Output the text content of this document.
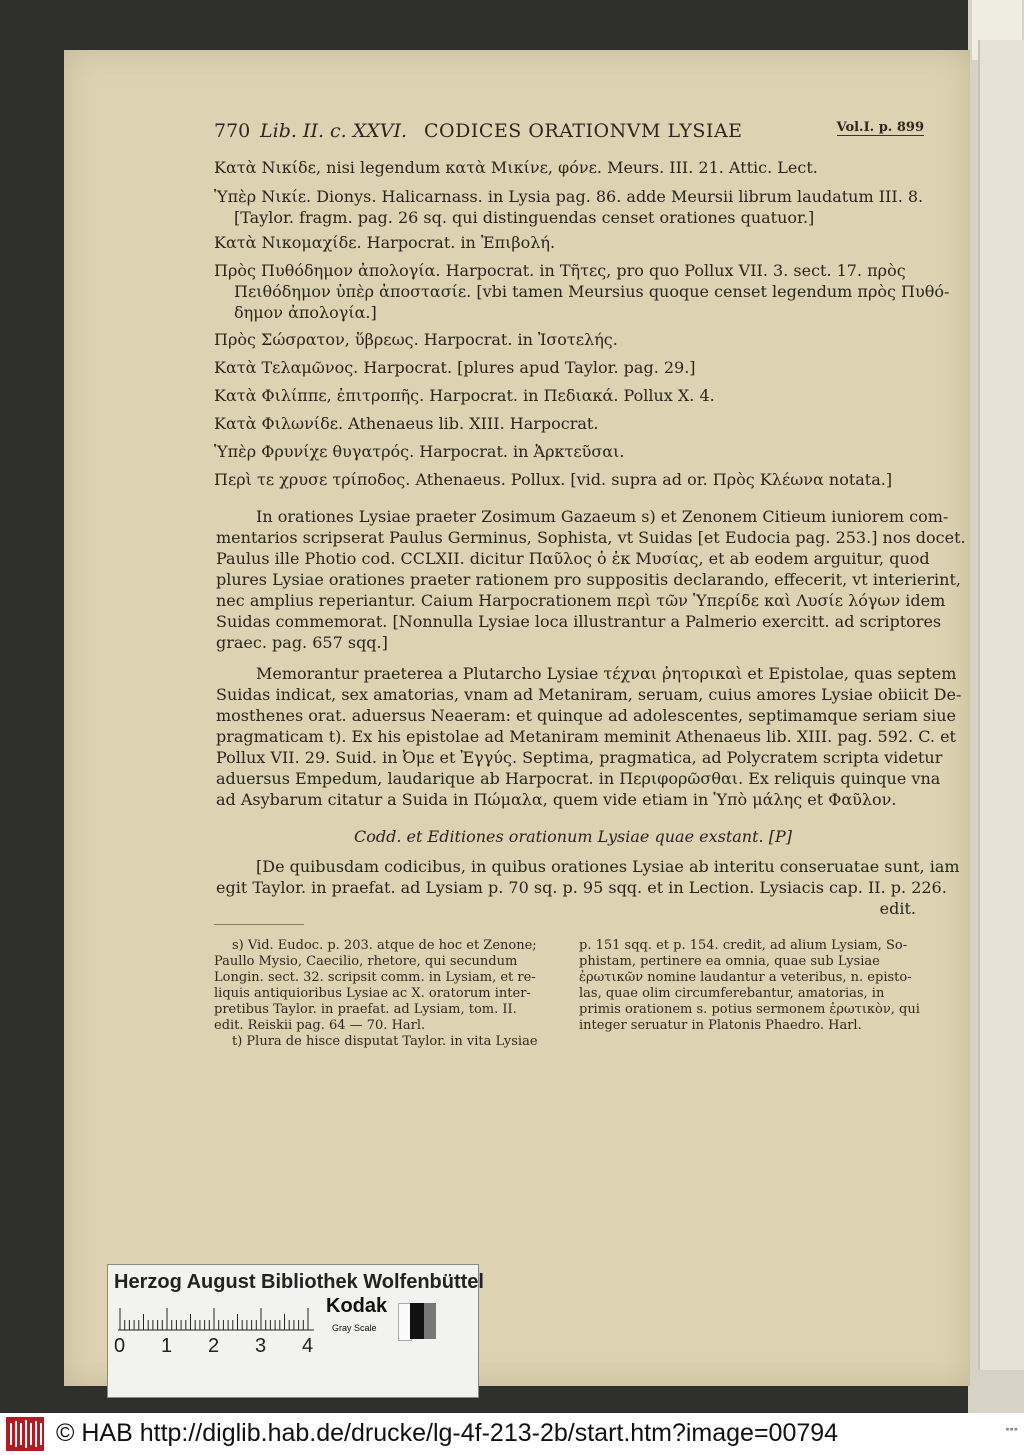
770 Lib. II. c. XXVI. CODICES ORATIONVM LYSIAE	Vol.I. p. 899
Κατὰ Νικίδε, nisi legendum κατὰ Μικίνε, φόνε. Meurs. III. 21. Attic. Lect.
Ὑπὲρ Νικίε. Dionys. Halicarnass. in Lysia pag. 86. adde Meursii librum laudatum III. 8.
[Taylor. fragm. pag. 26 sq. qui distinguendas censet orationes quatuor.]
Κατὰ Νικομαχίδε. Harpocrat. in Ἐπιβολή.
Πρὸς Πυθόδημον ἀπολογία. Harpocrat. in Τῆτες, pro quo Pollux VII. 3. sect. 17. πρὸς
Πειθόδημον ὑπὲρ ἀποστασίε. [vbi tamen Meursius quoque censet legendum πρὸς Πυθό-
δημον ἀπολογία.]
Πρὸς Σώσρατον, ὕβρεως. Harpocrat. in Ἰσοτελής.
Κατὰ Τελαμῶνος. Harpocrat. [plures apud Taylor. pag. 29.]
Κατὰ Φιλίππε, ἐπιτροπῆς. Harpocrat. in Πεδιακά. Pollux X. 4.
Κατὰ Φιλωνίδε. Athenaeus lib. XIII. Harpocrat.
Ὑπὲρ Φρυνίχε θυγατρός. Harpocrat. in Ἀρκτεῦσαι.
Περὶ τε χρυσε τρίποδος. Athenaeus. Pollux. [vid. supra ad or. Πρὸς Κλέωνα notata.]
In orationes Lysiae praeter Zosimum Gazaeum s) et Zenonem Citieum iuniorem com-
mentarios scripserat Paulus Germinus, Sophista, vt Suidas [et Eudocia pag. 253.] nos docet.
Paulus ille Photio cod. CCLXII. dicitur Παῦλος ὁ ἐκ Μυσίας, et ab eodem arguitur, quod
plures Lysiae orationes praeter rationem pro suppositis declarando, effecerit, vt interierint,
nec amplius reperiantur. Caium Harpocrationem περὶ τῶν Ὑπερίδε καὶ Λυσίε λόγων idem
Suidas commemorat. [Nonnulla Lysiae loca illustrantur a Palmerio exercitt. ad scriptores
graec. pag. 657 sqq.]
Memorantur praeterea a Plutarcho Lysiae τέχναι ῥητορικαὶ et Epistolae, quas septem
Suidas indicat, sex amatorias, vnam ad Metaniram, seruam, cuius amores Lysiae obiicit De-
mosthenes orat. aduersus Neaeram: et quinque ad adolescentes, septimamque seriam siue
pragmaticam t). Ex his epistolae ad Metaniram meminit Athenaeus lib. XIII. pag. 592. C. et
Pollux VII. 29. Suid. in Ὀμε et Ἐγγύς. Septima, pragmatica, ad Polycratem scripta videtur
aduersus Empedum, laudarique ab Harpocrat. in Περιφορῶσθαι. Ex reliquis quinque vna
ad Asybarum citatur a Suida in Πώμαλα, quem vide etiam in Ὑπὸ μάλης et Φαῦλον.
Codd. et Editiones orationum Lysiae quae exstant. [P]
[De quibusdam codicibus, in quibus orationes Lysiae ab interitu conseruatae sunt, iam
egit Taylor. in praefat. ad Lysiam p. 70 sq. p. 95 sqq. et in Lection. Lysiacis cap. II. p. 226.
edit.
s) Vid. Eudoc. p. 203. atque de hoc et Zenone;
Paullo Mysio, Caecilio, rhetore, qui secundum
Longin. sect. 32. scripsit comm. in Lysiam, et re-
liquis antiquioribus Lysiae ac X. oratorum inter-
pretibus Taylor. in praefat. ad Lysiam, tom. II.
edit. Reiskii pag. 64 — 70. Harl.
t) Plura de hisce disputat Taylor. in vita Lysiae
p. 151 sqq. et p. 154. credit, ad alium Lysiam, So-
phistam, pertinere ea omnia, quae sub Lysiae
ἐρωτικῶν nomine laudantur a veteribus, n. episto-
las, quae olim circumferebantur, amatorias, in
primis orationem s. potius sermonem ἐρωτικὸν, qui
integer seruatur in Platonis Phaedro. Harl.
Herzog August Bibliothek Wolfenbüttel
0 1 2 3 4
Kodak
Gray Scale
© HAB http://diglib.hab.de/drucke/lg-4f-213-2b/start.htm?image=00794	▪▪▪
